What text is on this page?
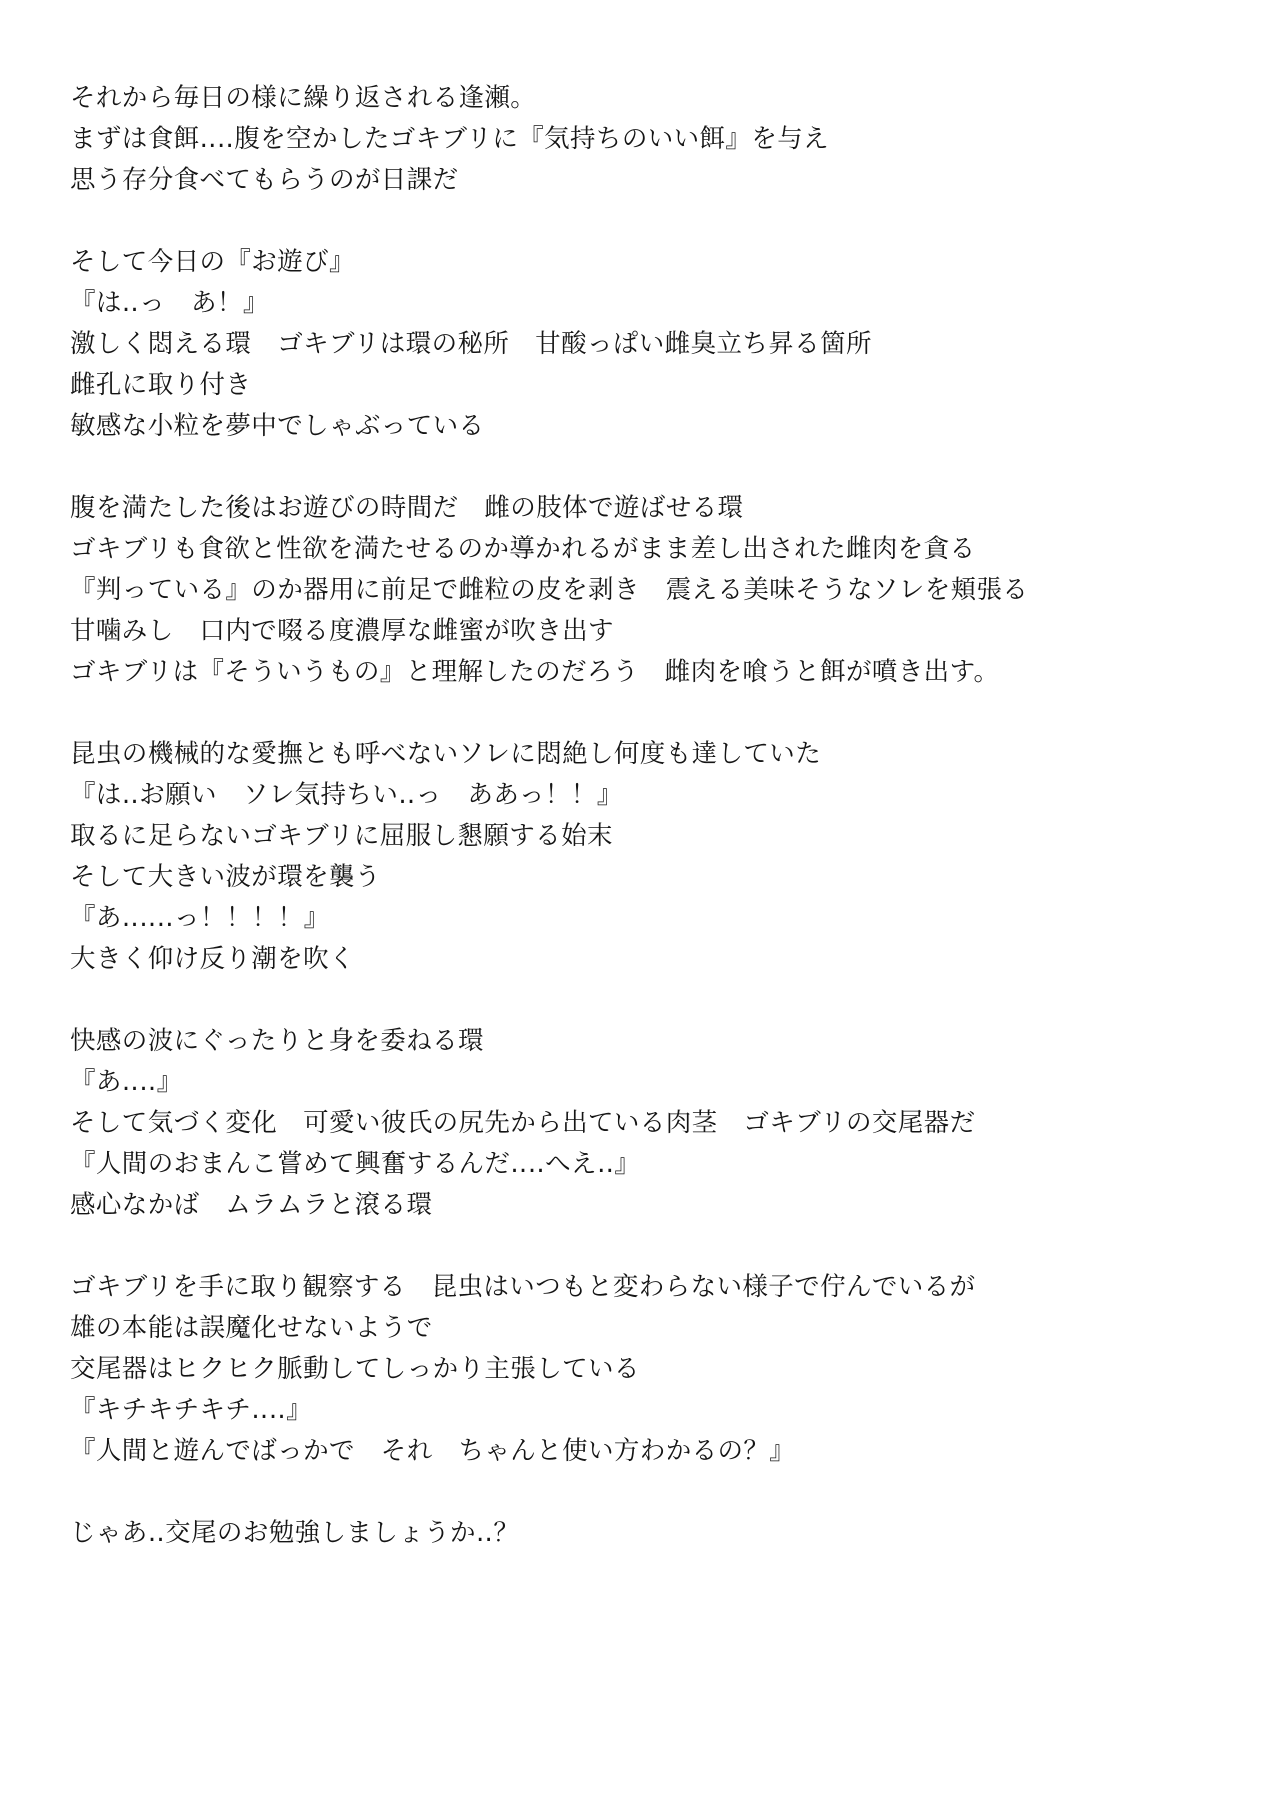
それから毎日の様に繰り返される逢瀬。
まずは食餌‥‥腹を空かしたゴキブリに『気持ちのいい餌』を与え
思う存分食べてもらうのが日課だ
そして今日の『お遊び』
『は‥っ　あ！』
激しく悶える環　ゴキブリは環の秘所　甘酸っぱい雌臭立ち昇る箇所
雌孔に取り付き
敏感な小粒を夢中でしゃぶっている
腹を満たした後はお遊びの時間だ　雌の肢体で遊ばせる環
ゴキブリも食欲と性欲を満たせるのか導かれるがまま差し出された雌肉を貪る
『判っている』のか器用に前足で雌粒の皮を剥き　震える美味そうなソレを頬張る
甘噛みし　口内で啜る度濃厚な雌蜜が吹き出す
ゴキブリは『そういうもの』と理解したのだろう　雌肉を喰うと餌が噴き出す。
昆虫の機械的な愛撫とも呼べないソレに悶絶し何度も達していた
『は‥お願い　ソレ気持ちい‥っ　ああっ！！』
取るに足らないゴキブリに屈服し懇願する始末
そして大きい波が環を襲う
『あ‥‥‥っ！！！！』
大きく仰け反り潮を吹く
快感の波にぐったりと身を委ねる環
『あ‥‥』
そして気づく変化　可愛い彼氏の尻先から出ている肉茎　ゴキブリの交尾器だ
『人間のおまんこ嘗めて興奮するんだ‥‥へえ‥』
感心なかば　ムラムラと滾る環
ゴキブリを手に取り観察する　昆虫はいつもと変わらない様子で佇んでいるが
雄の本能は誤魔化せないようで
交尾器はヒクヒク脈動してしっかり主張している
『キチキチキチ‥‥』
『人間と遊んでばっかで　それ　ちゃんと使い方わかるの？』
じゃあ‥交尾のお勉強しましょうか‥？
